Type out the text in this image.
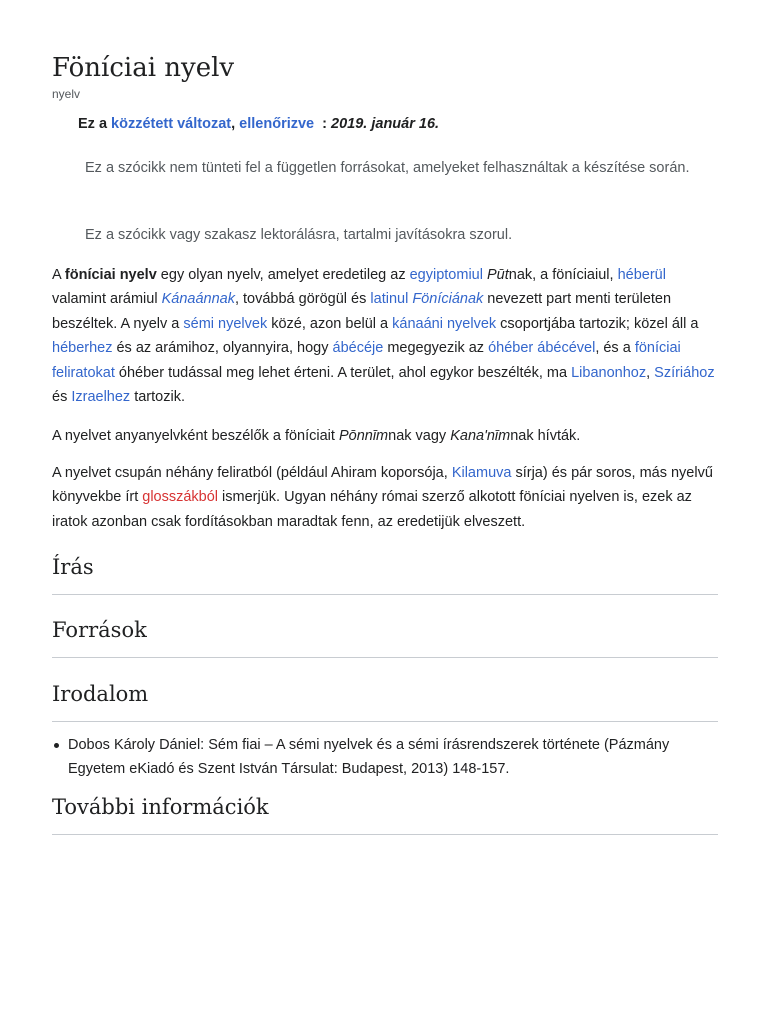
Föníciai nyelv
nyelv
Ez a közzétett változat, ellenőrizve  : 2019. január 16.
Ez a szócikk nem tünteti fel a független forrásokat, amelyeket felhasználtak a készítése során.
Ez a szócikk vagy szakasz lektorálásra, tartalmi javításokra szorul.

A föníciai nyelv egy olyan nyelv, amelyet eredetileg az egyiptomiul Pūtnak, a föníciaiul, héberül valamint arámiul Kánaánnak, továbbá görögül és latinul Föníciának nevezett part menti területen beszéltek. A nyelv a sémi nyelvek közé, azon belül a kánaáni nyelvek csoportjába tartozik; közel áll a héberhez és az arámihoz, olyannyira, hogy ábécéje megegyezik az óhéber ábécével, és a föníciai feliratokat óhéber tudással meg lehet érteni. A terület, ahol egykor beszélték, ma Libanonhoz, Szíriához és Izraelhez tartozik.

A nyelvet anyanyelvként beszélők a föníciait Pōnnīmnak vagy Kana'nīmnak hívták.

A nyelvet csupán néhány feliratból (például Ahiram koporsója, Kilamuva sírja) és pár soros, más nyelvű könyvekbe írt glosszákból ismerjük. Ugyan néhány római szerző alkotott föníciai nyelven is, ezek az iratok azonban csak fordításokban maradtak fenn, az eredetijük elveszett.

Írás
Források
Irodalom
Dobos Károly Dániel: Sém fiai – A sémi nyelvek és a sémi írásrendszerek története (Pázmány Egyetem eKiadó és Szent István Társulat: Budapest, 2013) 148-157.
További információk
